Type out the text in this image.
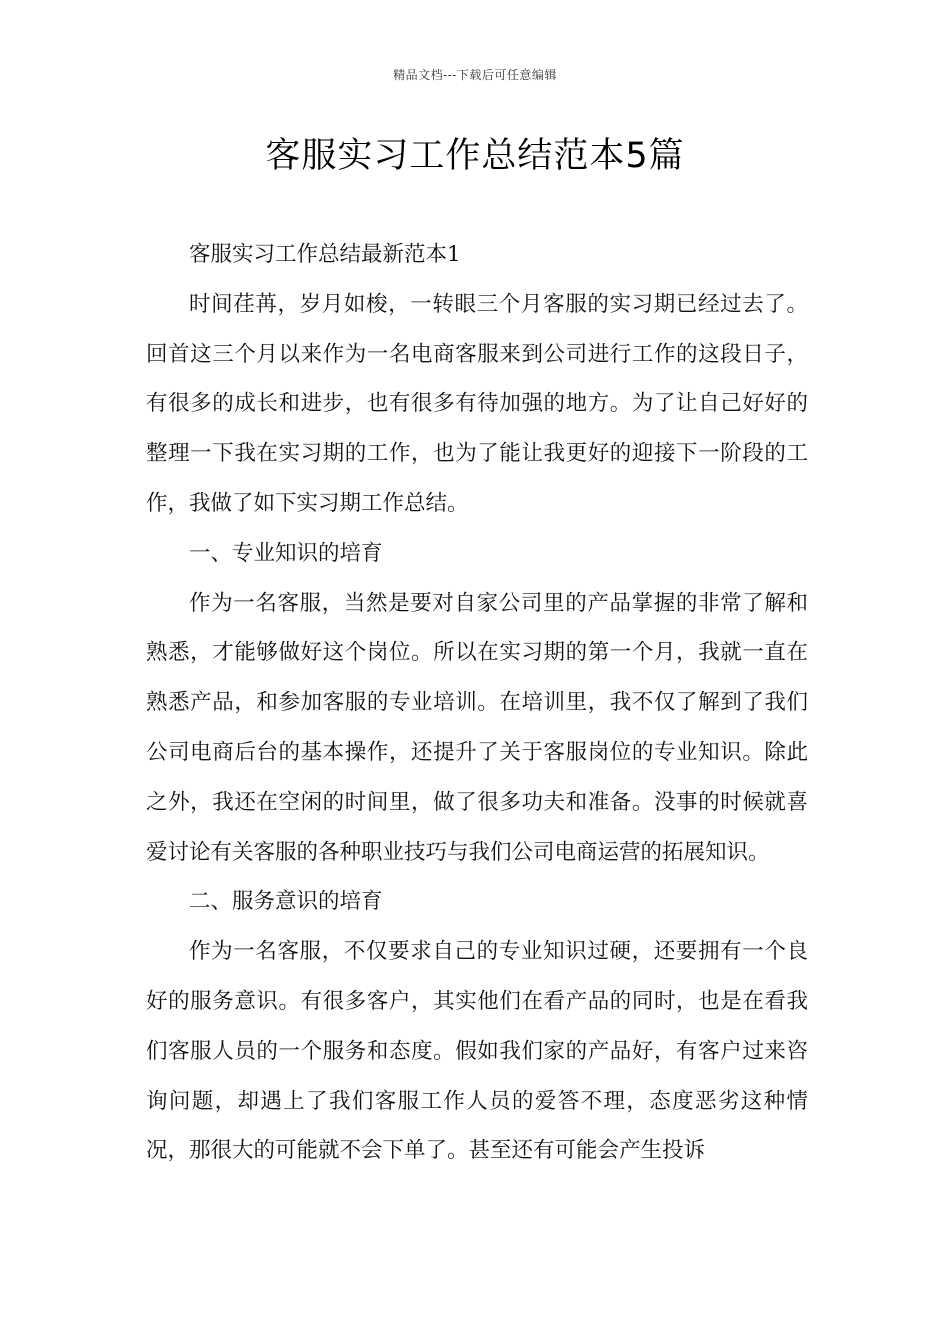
精品文档---下载后可任意编辑
客服实习工作总结范本5篇

客服实习工作总结最新范本1

时间荏苒，岁月如梭，一转眼三个月客服的实习期已经过去了。回首这三个月以来作为一名电商客服来到公司进行工作的这段日子，有很多的成长和进步，也有很多有待加强的地方。为了让自己好好的整理一下我在实习期的工作，也为了能让我更好的迎接下一阶段的工作，我做了如下实习期工作总结。

一、专业知识的培育

作为一名客服，当然是要对自家公司里的产品掌握的非常了解和熟悉，才能够做好这个岗位。所以在实习期的第一个月，我就一直在熟悉产品，和参加客服的专业培训。在培训里，我不仅了解到了我们公司电商后台的基本操作，还提升了关于客服岗位的专业知识。除此之外，我还在空闲的时间里，做了很多功夫和准备。没事的时候就喜爱讨论有关客服的各种职业技巧与我们公司电商运营的拓展知识。

二、服务意识的培育

作为一名客服，不仅要求自己的专业知识过硬，还要拥有一个良好的服务意识。有很多客户，其实他们在看产品的同时，也是在看我们客服人员的一个服务和态度。假如我们家的产品好，有客户过来咨询问题，却遇上了我们客服工作人员的爱答不理，态度恶劣这种情况，那很大的可能就不会下单了。甚至还有可能会产生投诉
